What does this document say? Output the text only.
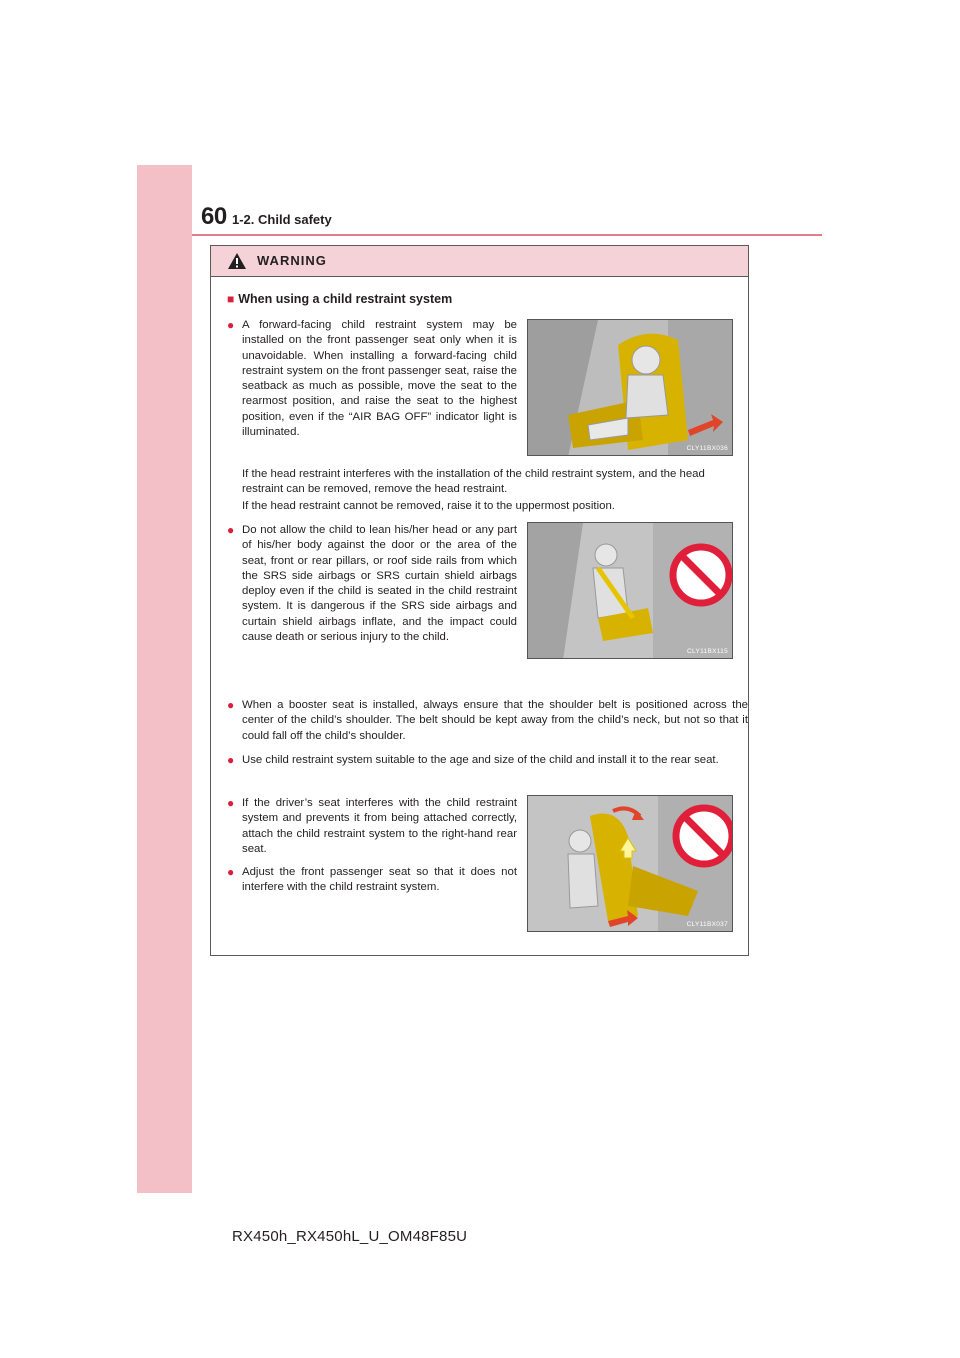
60 1-2. Child safety
WARNING
■ When using a child restraint system
● A forward-facing child restraint system may be installed on the front passenger seat only when it is unavoidable. When installing a forward-facing child restraint system on the front passenger seat, raise the seatback as much as possible, move the seat to the rearmost position, and raise the seat to the highest position, even if the “AIR BAG OFF” indicator light is illuminated.
CLY11BX036
If the head restraint interferes with the installation of the child restraint system, and the head restraint can be removed, remove the head restraint.
If the head restraint cannot be removed, raise it to the uppermost position.
● Do not allow the child to lean his/her head or any part of his/her body against the door or the area of the seat, front or rear pillars, or roof side rails from which the SRS side airbags or SRS curtain shield airbags deploy even if the child is seated in the child restraint system. It is dangerous if the SRS side airbags and curtain shield airbags inflate, and the impact could cause death or serious injury to the child.
CLY11BX115
● When a booster seat is installed, always ensure that the shoulder belt is positioned across the center of the child’s shoulder. The belt should be kept away from the child’s neck, but not so that it could fall off the child’s shoulder.
● Use child restraint system suitable to the age and size of the child and install it to the rear seat.
● If the driver’s seat interferes with the child restraint system and prevents it from being attached correctly, attach the child restraint system to the right-hand rear seat.
● Adjust the front passenger seat so that it does not interfere with the child restraint system.
CLY11BX037
RX450h_RX450hL_U_OM48F85U
